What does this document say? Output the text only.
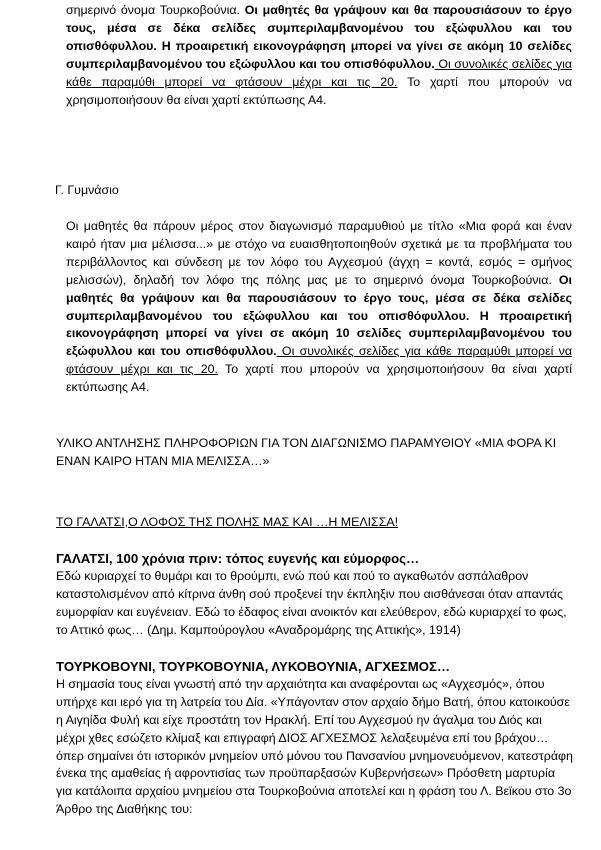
σημερινό όνομα Τουρκοβούνια. Οι μαθητές θα γράψουν και θα παρουσιάσουν το έργο τους, μέσα σε δέκα σελίδες συμπεριλαμβανομένου του εξώφυλλου και του οπισθόφυλλου. Η προαιρετική εικονογράφηση μπορεί να γίνει σε ακόμη 10 σελίδες συμπεριλαμβανομένου του εξώφυλλου και του οπισθόφυλλου. Οι συνολικές σελίδες για κάθε παραμύθι μπορεί να φτάσουν μέχρι και τις 20. Το χαρτί που μπορούν να χρησιμοποιήσουν θα είναι χαρτί εκτύπωσης Α4.
Γ. Γυμνάσιο
Οι μαθητές θα πάρουν μέρος στον διαγωνισμό παραμυθιού με τίτλο «Μια φορά και έναν καιρό ήταν μια μέλισσα...» με στόχο να ευαισθητοποιηθούν σχετικά με τα προβλήματα του περιβάλλοντος και σύνδεση με τον λόφο του Αγχεσμού (άγχη = κοντά, εσμός = σμήνος μελισσών), δηλαδή τον λόφο της πόλης μας με το σημερινό όνομα Τουρκοβούνια. Οι μαθητές θα γράψουν και θα παρουσιάσουν το έργο τους, μέσα σε δέκα σελίδες συμπεριλαμβανομένου του εξώφυλλου και του οπισθόφυλλου. Η προαιρετική εικονογράφηση μπορεί να γίνει σε ακόμη 10 σελίδες συμπεριλαμβανομένου του εξώφυλλου και του οπισθόφυλλου. Οι συνολικές σελίδες για κάθε παραμύθι μπορεί να φτάσουν μέχρι και τις 20. Το χαρτί που μπορούν να χρησιμοποιήσουν θα είναι χαρτί εκτύπωσης Α4.
ΥΛΙΚΟ ΑΝΤΛΗΣΗΣ ΠΛΗΡΟΦΟΡΙΩΝ ΓΙΑ ΤΟΝ ΔΙΑΓΩΝΙΣΜΟ ΠΑΡΑΜΥΘΙΟΥ «ΜΙΑ ΦΟΡΑ ΚΙ ΕΝΑΝ ΚΑΙΡΟ ΗΤΑΝ ΜΙΑ ΜΕΛΙΣΣΑ…»
ΤΟ ΓΑΛΑΤΣΙ,Ο ΛΟΦΟΣ ΤΗΣ ΠΟΛΗΣ ΜΑΣ ΚΑΙ …Η ΜΕΛΙΣΣΑ!
ΓΑΛΑΤΣΙ, 100 χρόνια πριν: τόπος ευγενής και εύμορφος…
Εδώ κυριαρχεί το θυμάρι και το θρούμπι, ενώ πού και πού το αγκαθωτόν ασπάλαθρον καταστολισμένον από κίτρινα άνθη σού προξενεί την έκπληξιν που αισθάνεσαι όταν απαντάς ευμορφίαν και ευγένειαν. Εδώ το έδαφος είναι ανοικτόν και ελεύθερον, εδώ κυριαρχεί το φως, το Αττικό φως… (Δημ. Καμπούρογλου «Αναδρομάρης της Αττικής», 1914)
ΤΟΥΡΚΟΒΟΥΝΙ, ΤΟΥΡΚΟΒΟΥΝΙΑ, ΛΥΚΟΒΟΥΝΙΑ, ΑΓΧΕΣΜΟΣ…
Η σημασία τους είναι γνωστή από την αρχαιότητα και αναφέρονται ως «Αγχεσμός», όπου υπήρχε και ιερό για τη λατρεία του Δία. «Υπάγονταν στον αρχαίο δήμο Βατή, όπου κατοικούσε η Αιγηίδα Φυλή και είχε προστάτη τον Ηρακλή. Επί του Αγχεσμού ην άγαλμα του Διός και μέχρι χθες εσώζετο κλίμαξ και επιγραφή ΔΙΟΣ ΑΓΧΕΣΜΟΣ λελαξευμένα επί του βράχου… όπερ σημαίνει ότι ιστορικόν μνημείον υπό μόνου του Πανσανίου μνημονευόμενον, κατεστράφη ένεκα της αμαθείας ή αφροντισίας των προϋπαρξασών Κυβερνήσεων» Πρόσθετη μαρτυρία για κατάλοιπα αρχαίου μνημείου στα Τουρκοβούνια αποτελεί και η φράση του Λ. Βεϊκου στο 3ο Άρθρο της Διαθήκης του:
